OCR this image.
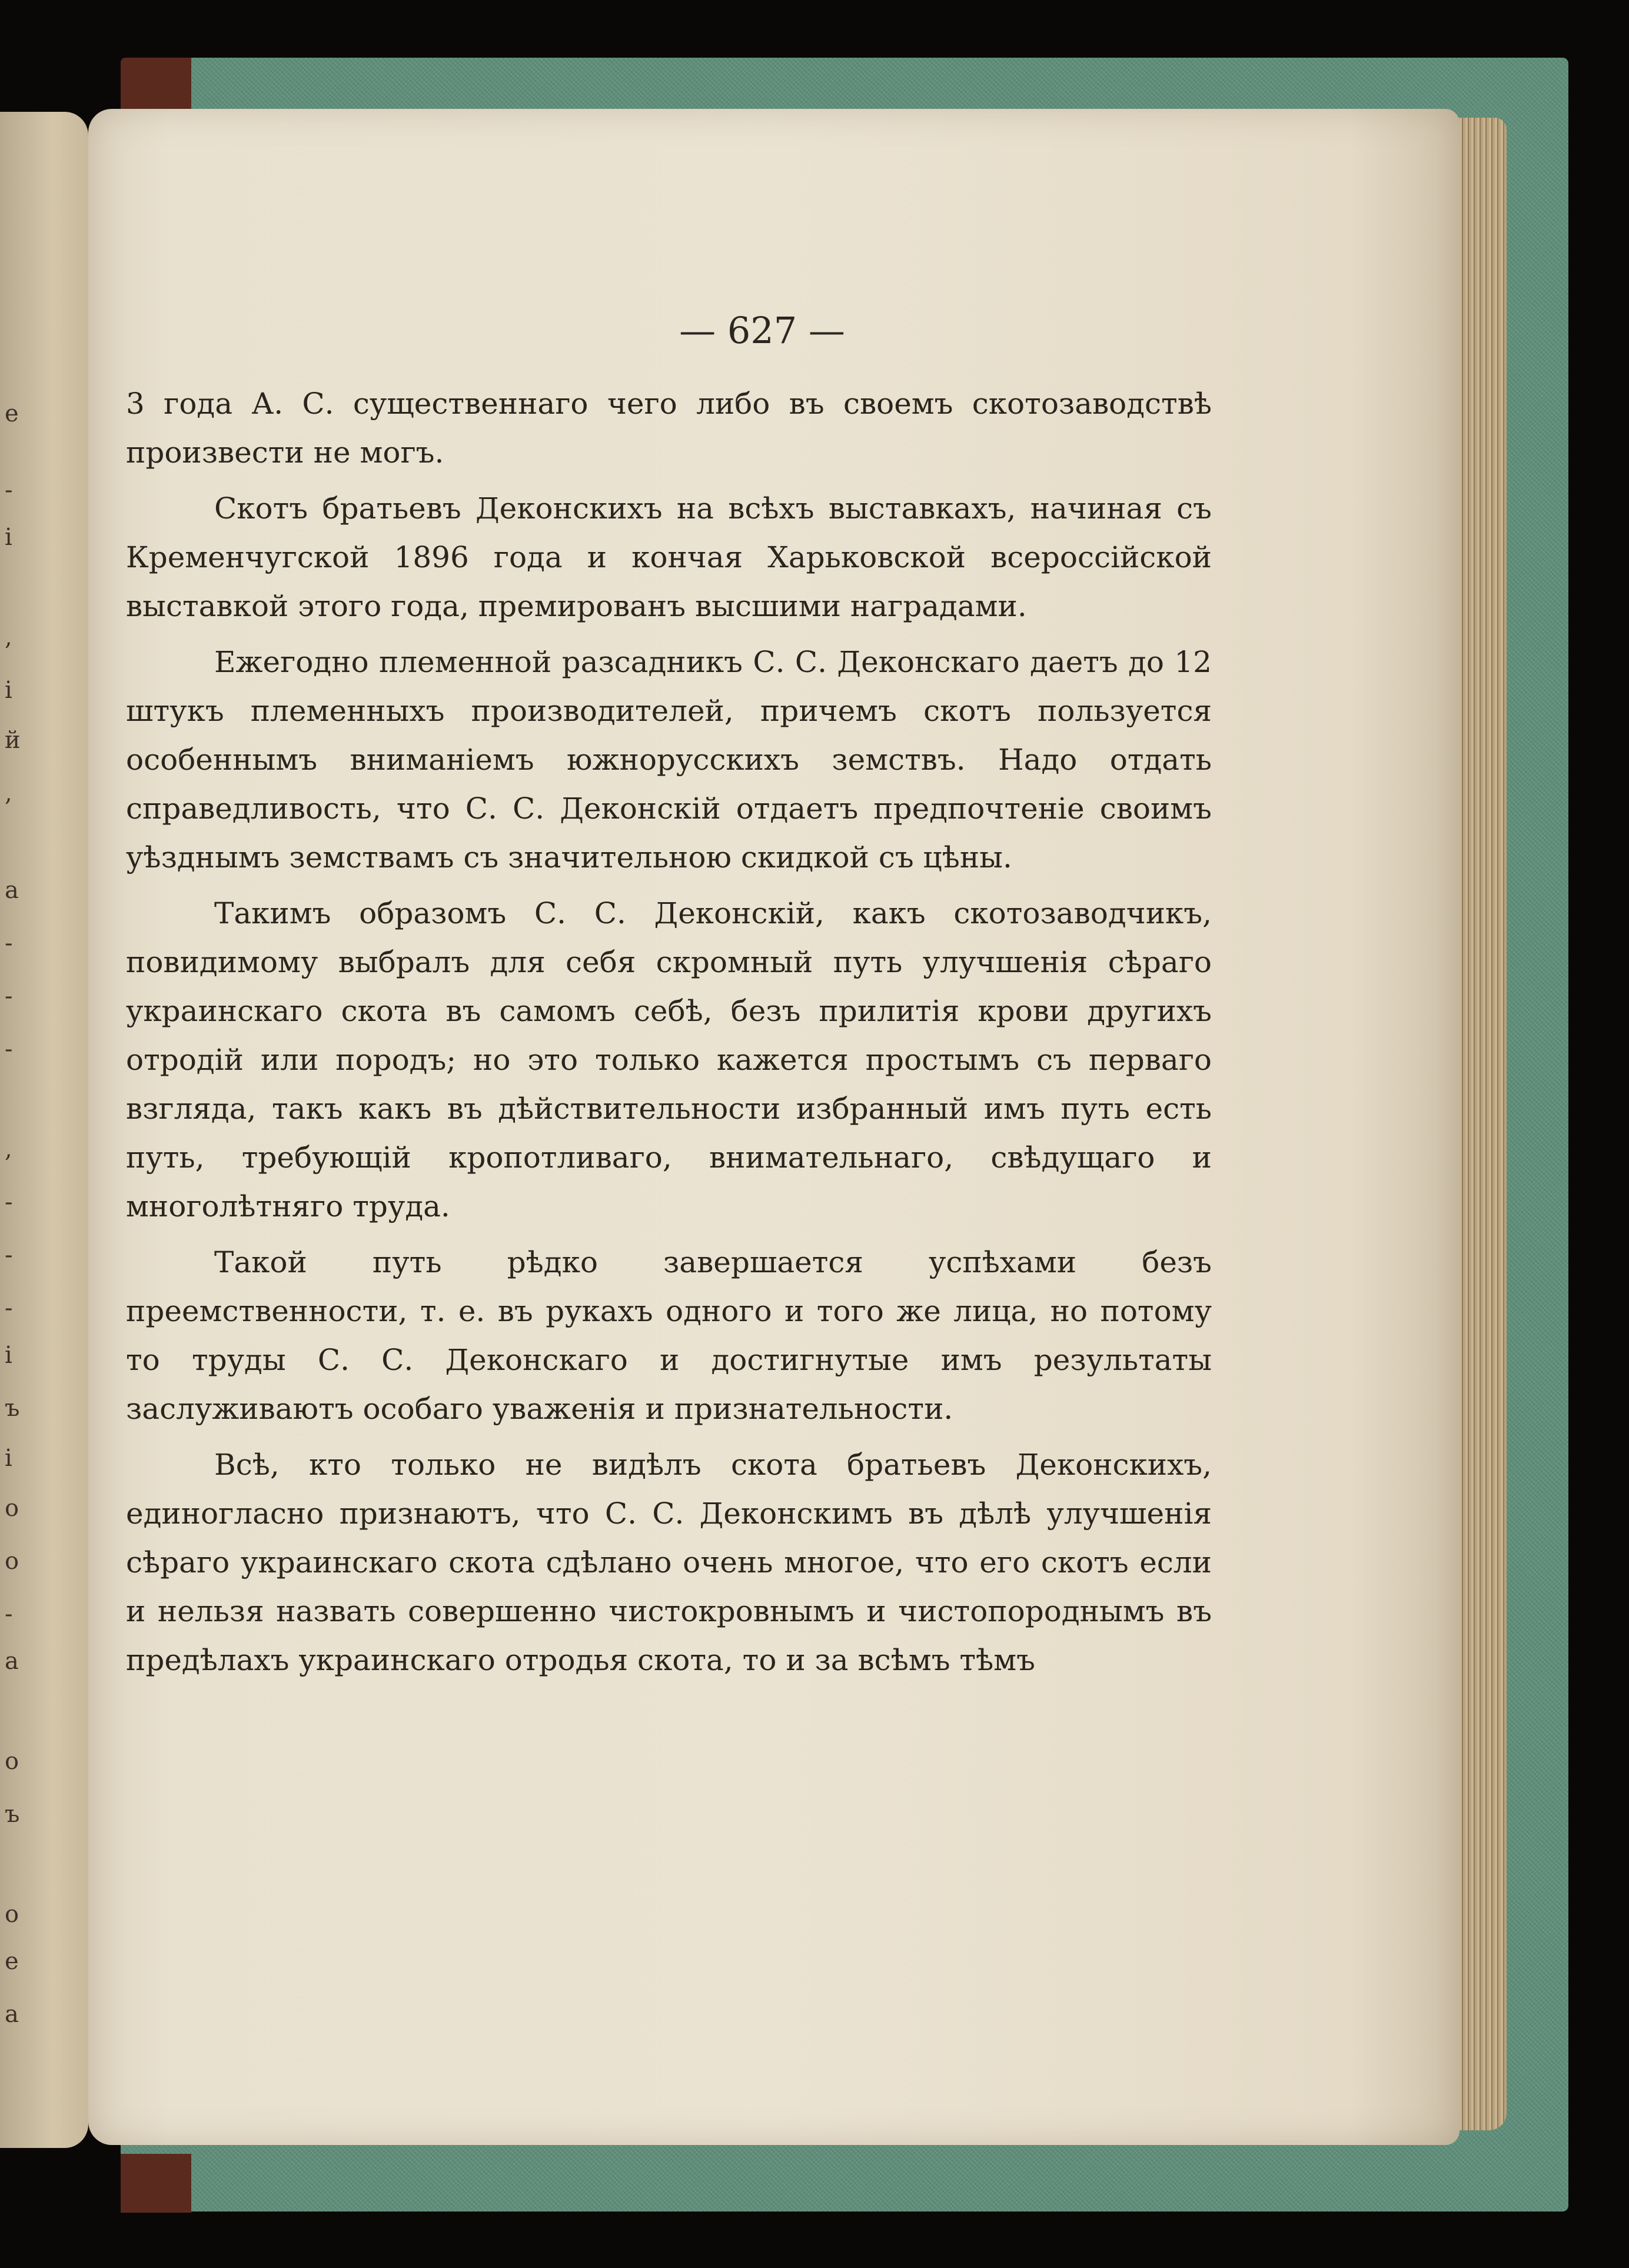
е
-
і
,
і
й
,
а
-
-
-
,
-
-
-
і
ъ
і
о
о
-
а
о
ъ
о
е
а
— 627 —

3 года А. С. существеннаго чего либо въ своемъ скотозаводствѣ произвести не могъ.

Скотъ братьевъ Деконскихъ на всѣхъ выставкахъ, начиная съ Кременчугской 1896 года и кончая Харьковской всероссійской выставкой этого года, премированъ высшими наградами.

Ежегодно племенной разсадникъ С. С. Деконскаго даетъ до 12 штукъ племенныхъ производителей, причемъ скотъ пользуется особеннымъ вниманіемъ южнорусскихъ земствъ. Надо отдать справедливость, что С. С. Деконскій отдаетъ предпочтеніе своимъ уѣзднымъ земствамъ съ значительною скидкой съ цѣны.

Такимъ образомъ С. С. Деконскій, какъ скотозаводчикъ, повидимому выбралъ для себя скромный путь улучшенія сѣраго украинскаго скота въ самомъ себѣ, безъ прилитія крови другихъ отродій или породъ; но это только кажется простымъ съ перваго взгляда, такъ какъ въ дѣйствительности избранный имъ путь есть путь, требующій кропотливаго, внимательнаго, свѣдущаго и многолѣтняго труда.

Такой путь рѣдко завершается успѣхами безъ преемственности, т. е. въ рукахъ одного и того же лица, но потому то труды С. С. Деконскаго и достигнутые имъ результаты заслуживаютъ особаго уваженія и признательности.

Всѣ, кто только не видѣлъ скота братьевъ Деконскихъ, единогласно признаютъ, что С. С. Деконскимъ въ дѣлѣ улучшенія сѣраго украинскаго скота сдѣлано очень многое, что его скотъ если и нельзя назвать совершенно чистокровнымъ и чистопороднымъ въ предѣлахъ украинскаго отродья скота, то и за всѣмъ тѣмъ
